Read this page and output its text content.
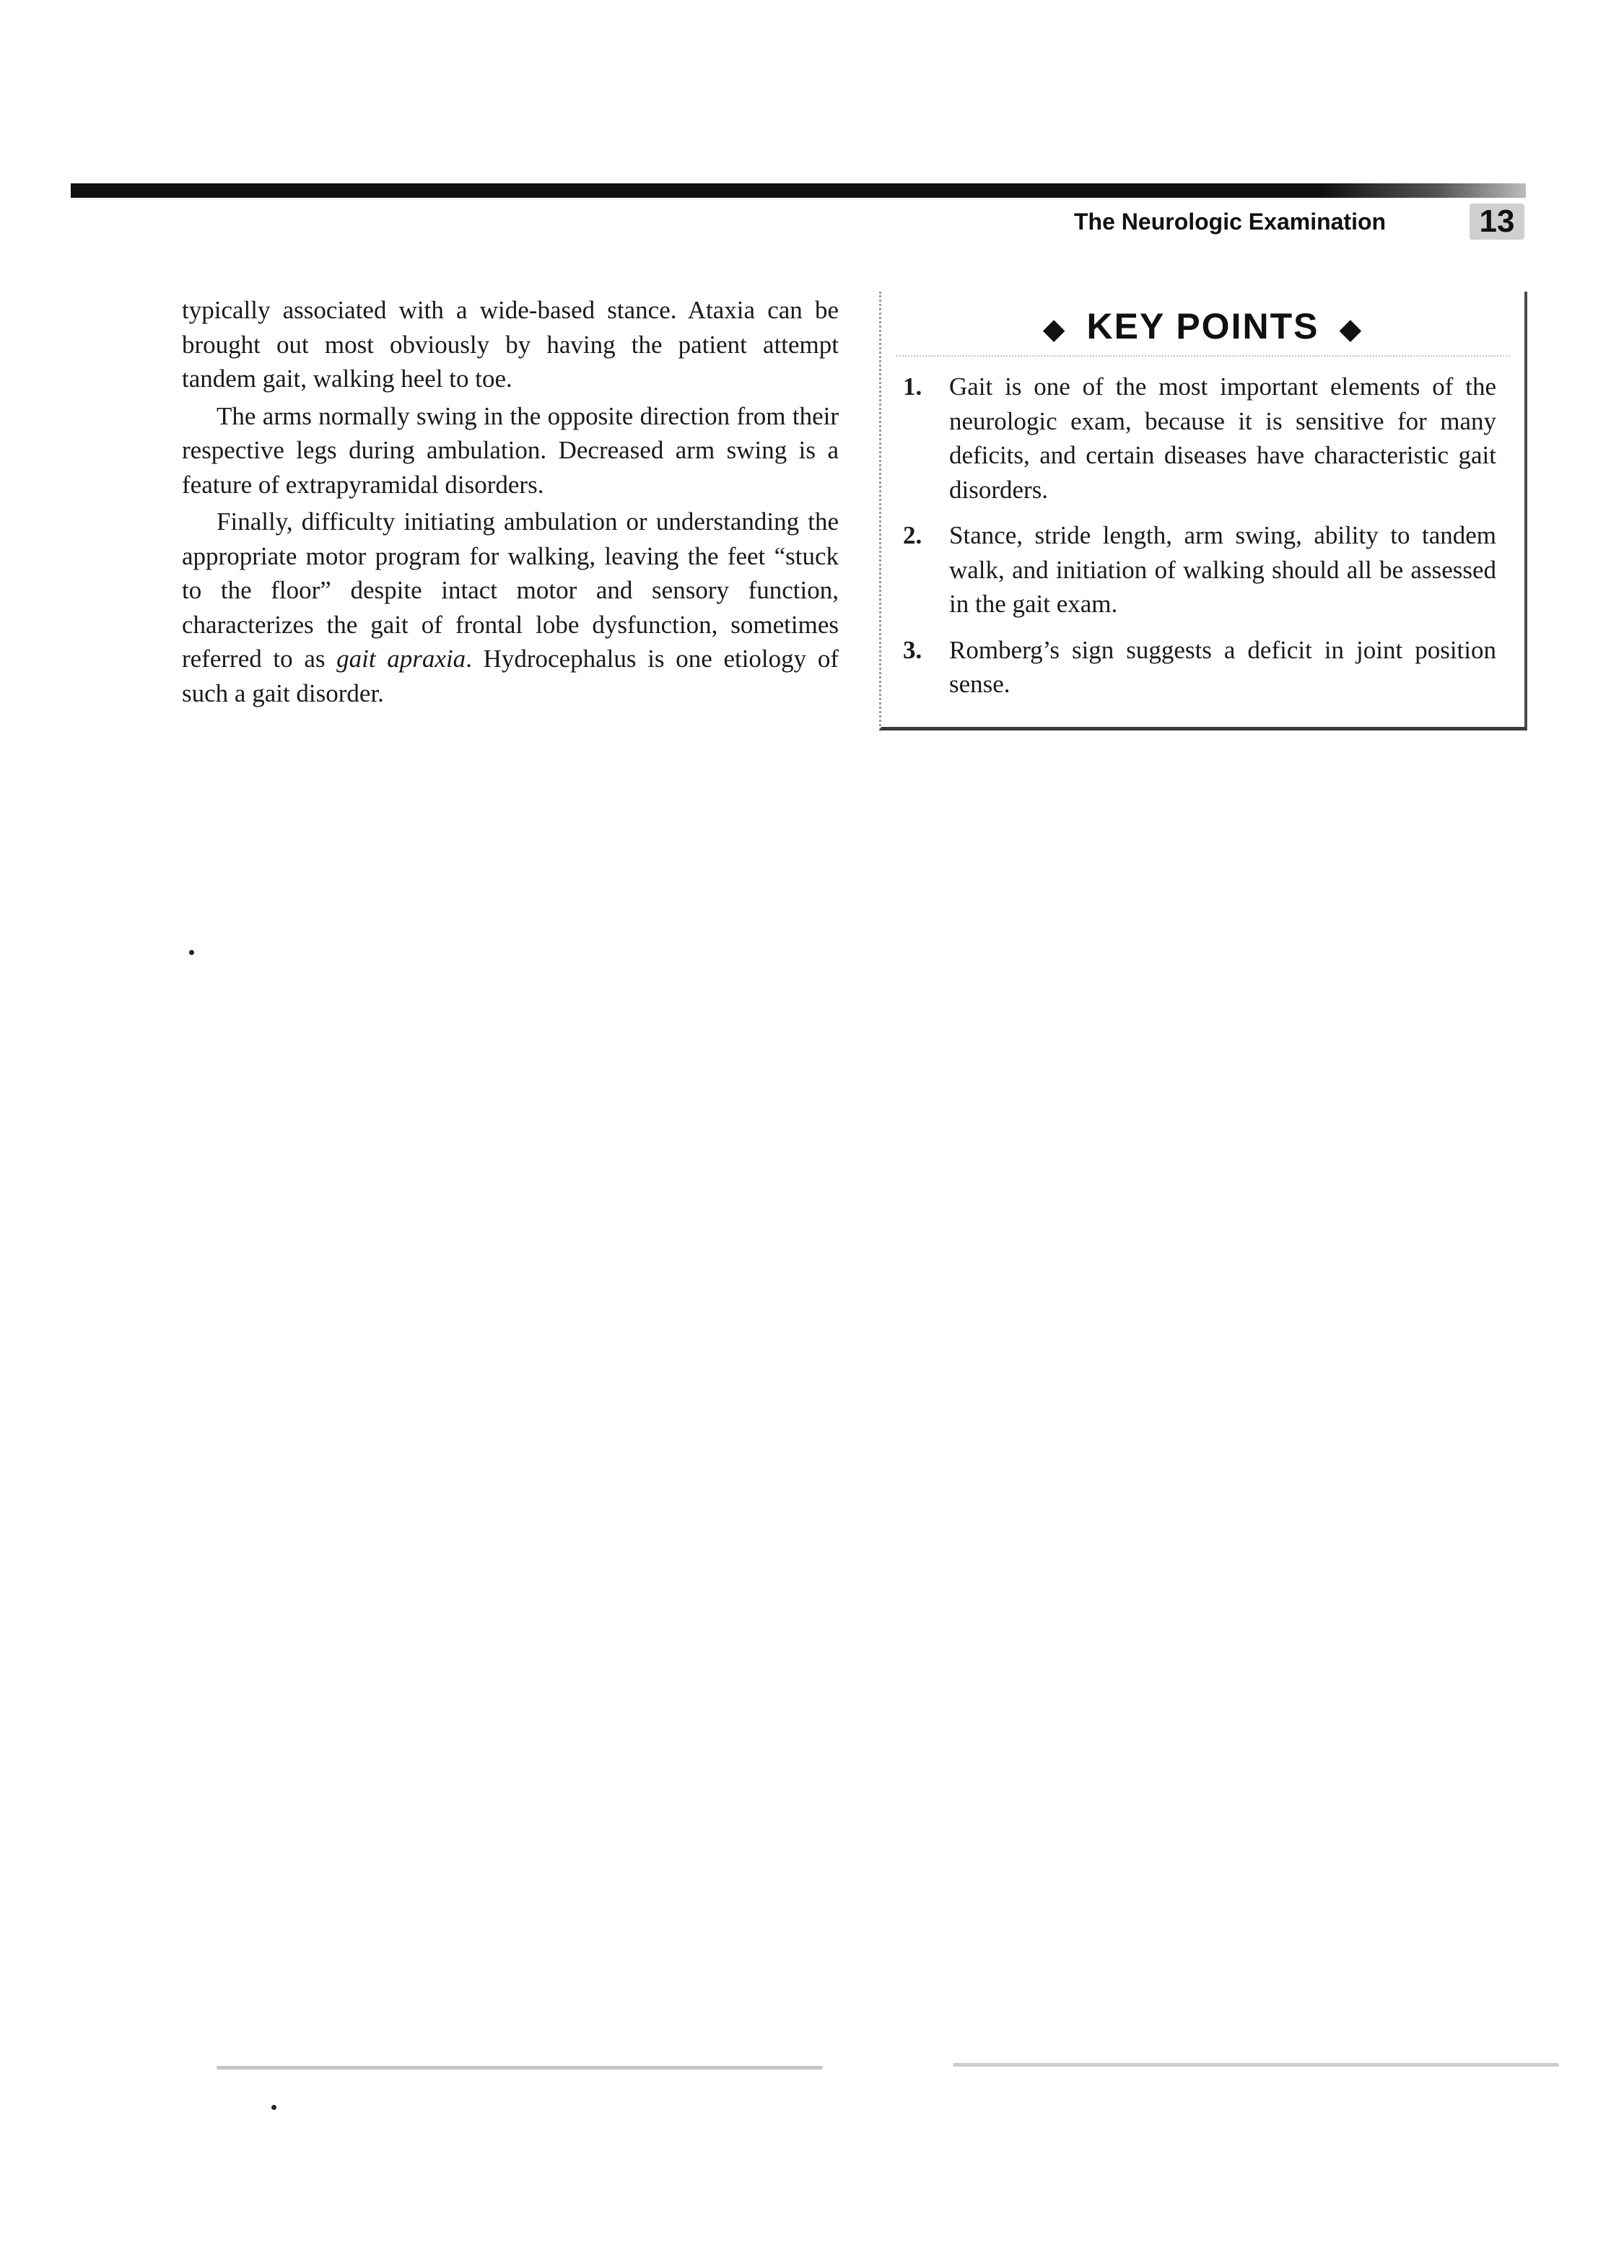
The Neurologic Examination	13

typically associated with a wide-based stance. Ataxia can be brought out most obviously by having the patient attempt tandem gait, walking heel to toe.

The arms normally swing in the opposite direction from their respective legs during ambulation. Decreased arm swing is a feature of extrapyramidal disorders.

Finally, difficulty initiating ambulation or understanding the appropriate motor program for walking, leaving the feet “stuck to the floor” despite intact motor and sensory function, characterizes the gait of frontal lobe dysfunction, sometimes referred to as gait apraxia. Hydrocephalus is one etiology of such a gait disorder.

◆ KEY POINTS ◆
1. Gait is one of the most important elements of the neurologic exam, because it is sensitive for many deficits, and certain diseases have characteristic gait disorders.
2. Stance, stride length, arm swing, ability to tandem walk, and initiation of walking should all be assessed in the gait exam.
3. Romberg’s sign suggests a deficit in joint position sense.
